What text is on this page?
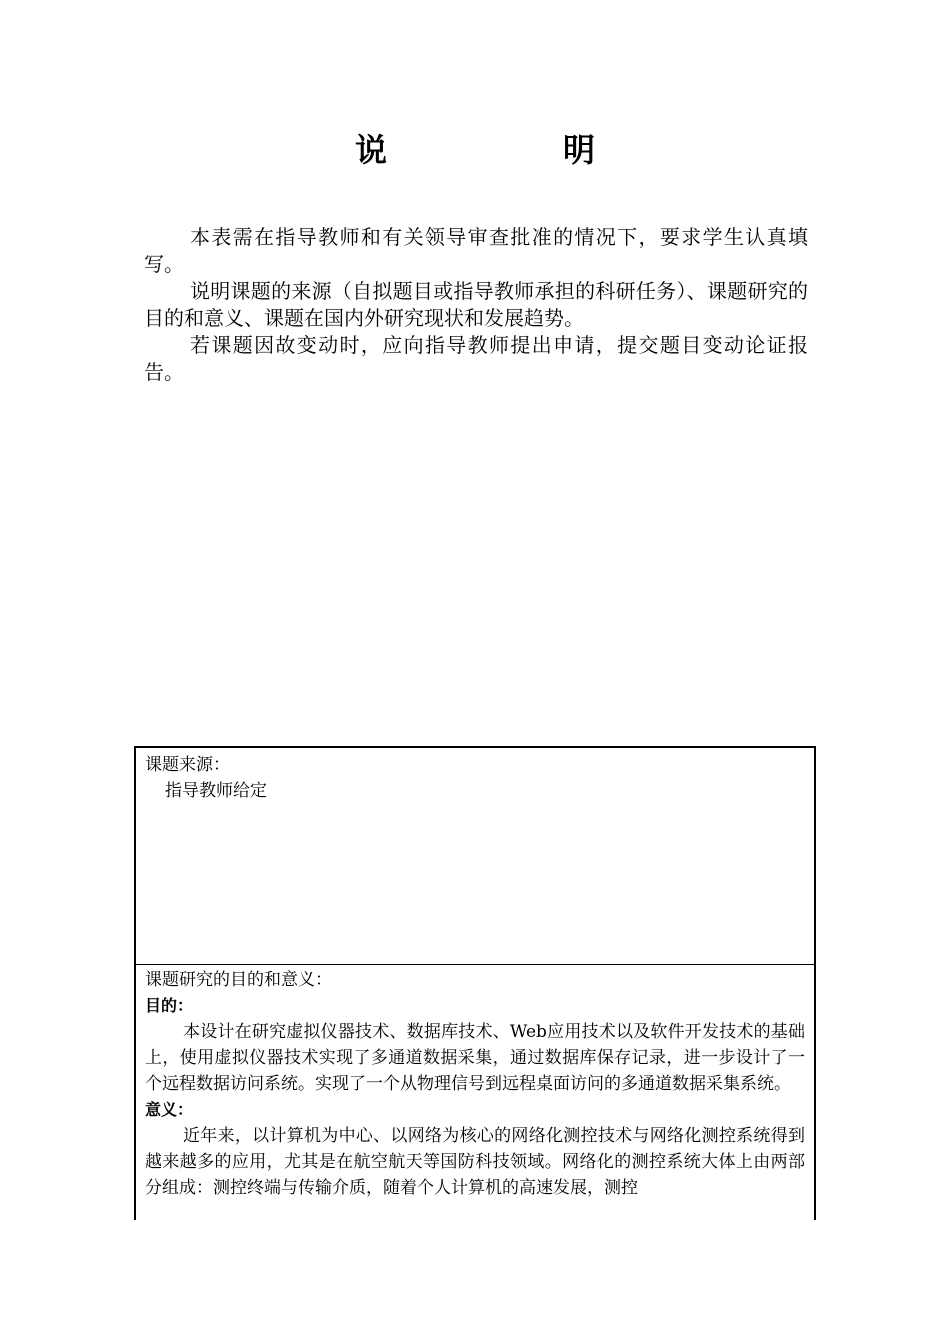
说　明

本表需在指导教师和有关领导审查批准的情况下，要求学生认真填写。

说明课题的来源（自拟题目或指导教师承担的科研任务）、课题研究的目的和意义、课题在国内外研究现状和发展趋势。

若课题因故变动时，应向指导教师提出申请，提交题目变动论证报告。

课题来源：
指导教师给定
课题研究的目的和意义：
目的：

本设计在研究虚拟仪器技术、数据库技术、Web应用技术以及软件开发技术的基础上，使用虚拟仪器技术实现了多通道数据采集，通过数据库保存记录，进一步设计了一个远程数据访问系统。实现了一个从物理信号到远程桌面访问的多通道数据采集系统。

意义：

近年来，以计算机为中心、以网络为核心的网络化测控技术与网络化测控系统得到越来越多的应用，尤其是在航空航天等国防科技领域。网络化的测控系统大体上由两部分组成：测控终端与传输介质，随着个人计算机的高速发展，测控
